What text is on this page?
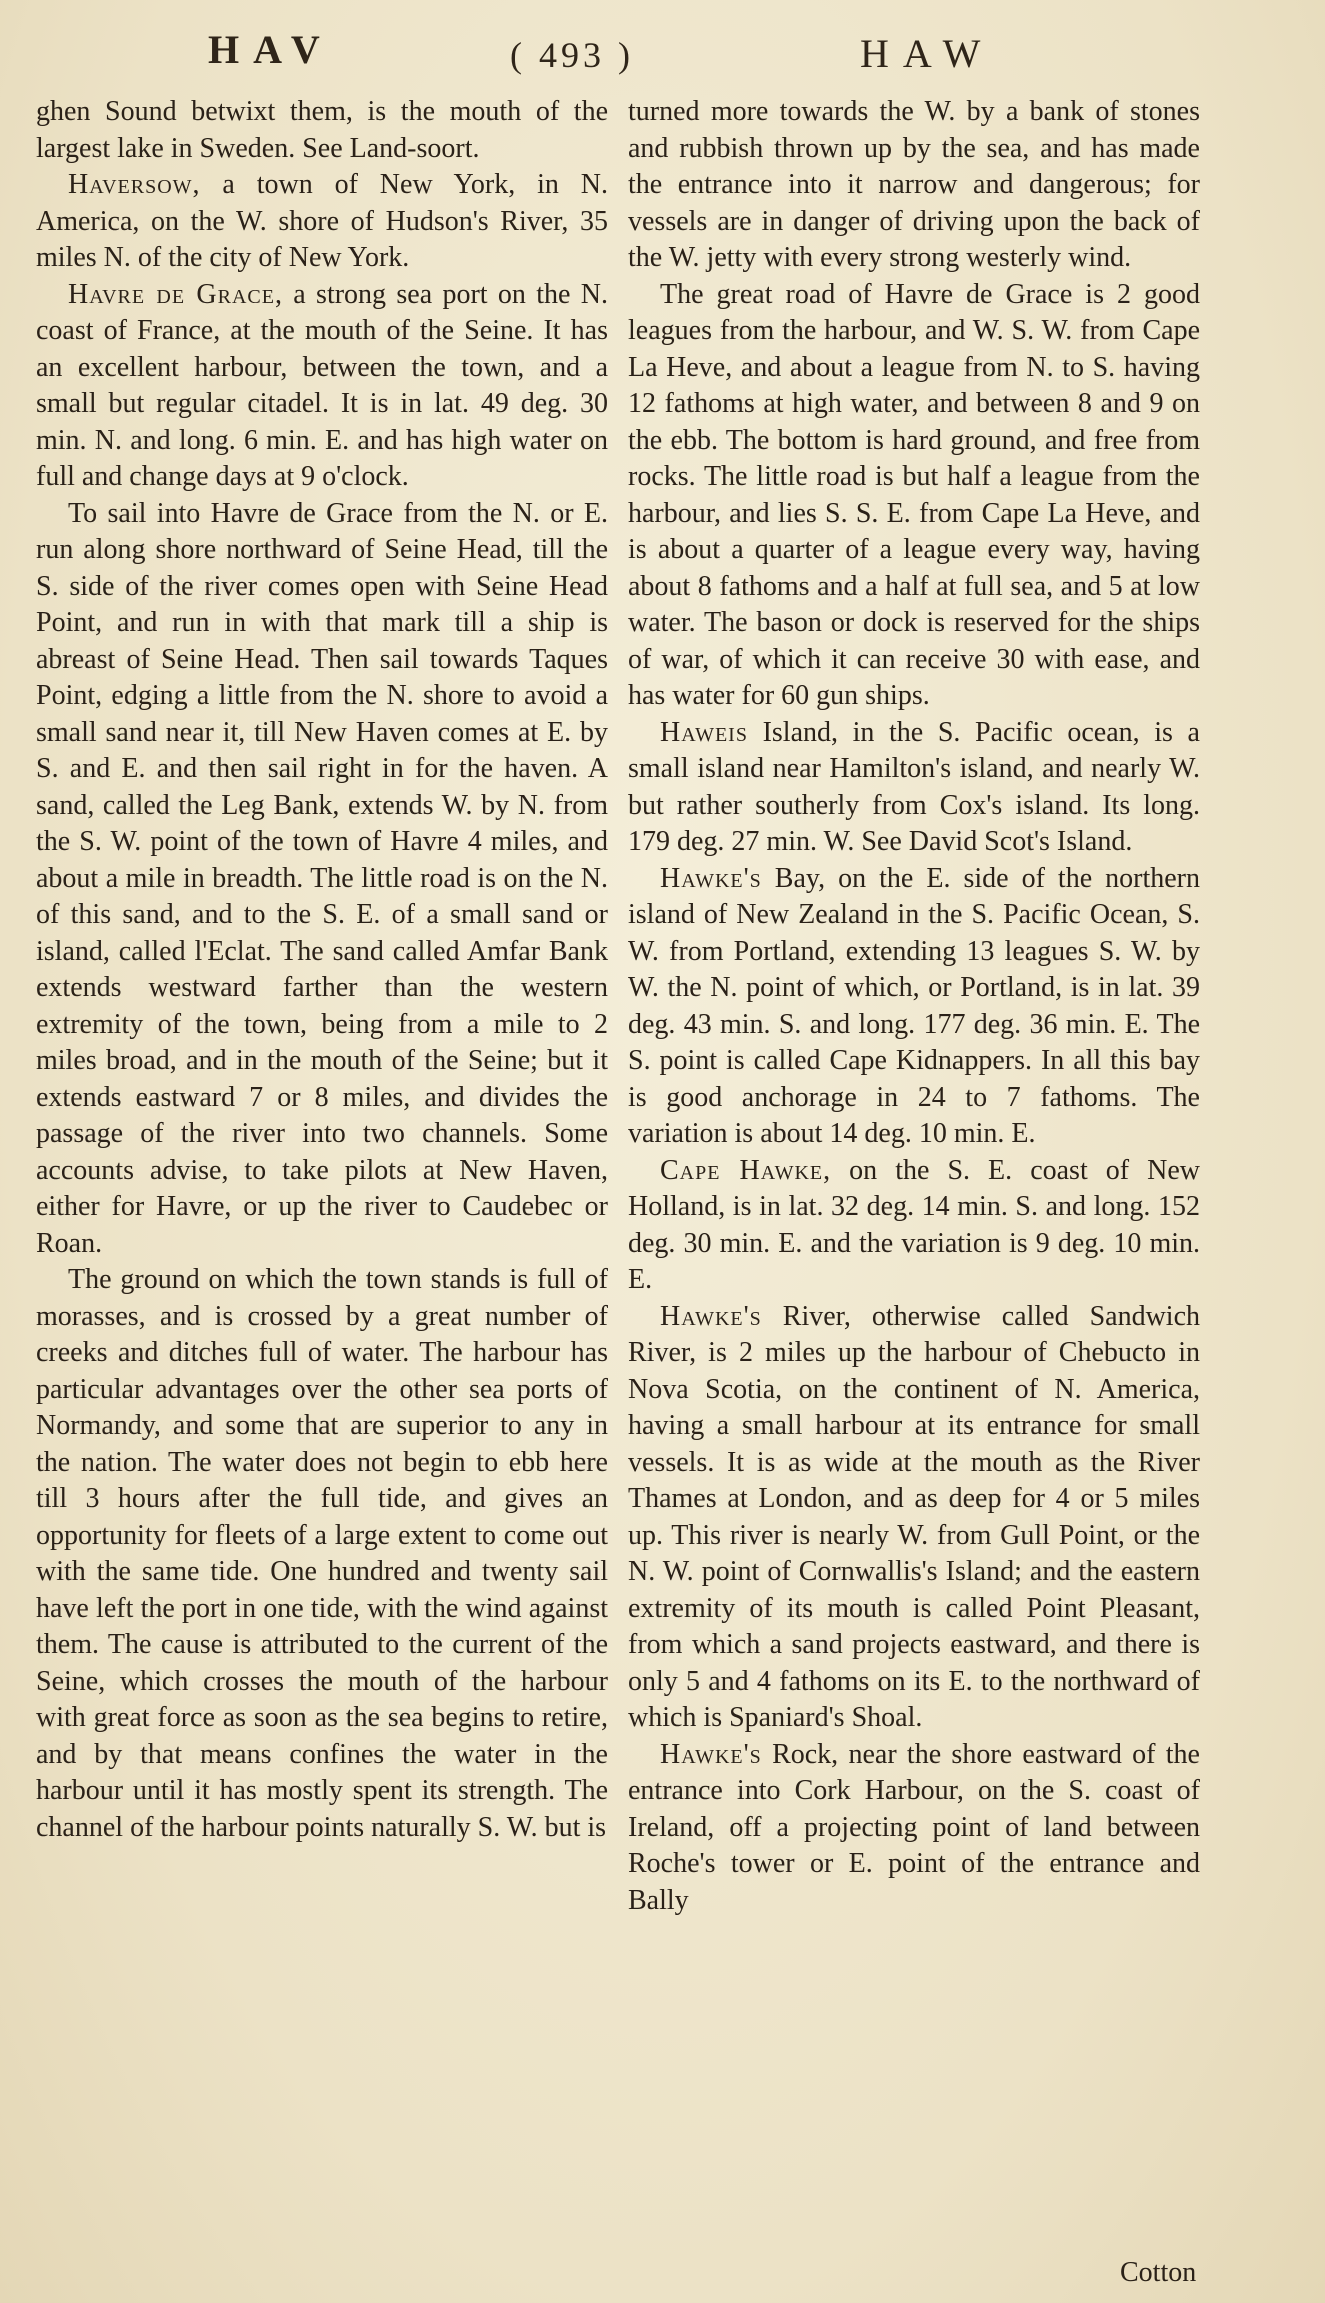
HAV	( 493 )	HAW

ghen Sound betwixt them, is the mouth of the largest lake in Sweden. See Land-soort.

Haversow, a town of New York, in N. America, on the W. shore of Hudson's River, 35 miles N. of the city of New York.

Havre de Grace, a strong sea port on the N. coast of France, at the mouth of the Seine. It has an excellent harbour, between the town, and a small but regular citadel. It is in lat. 49 deg. 30 min. N. and long. 6 min. E. and has high water on full and change days at 9 o'clock.

To sail into Havre de Grace from the N. or E. run along shore northward of Seine Head, till the S. side of the river comes open with Seine Head Point, and run in with that mark till a ship is abreast of Seine Head. Then sail towards Taques Point, edging a little from the N. shore to avoid a small sand near it, till New Haven comes at E. by S. and E. and then sail right in for the haven. A sand, called the Leg Bank, extends W. by N. from the S. W. point of the town of Havre 4 miles, and about a mile in breadth. The little road is on the N. of this sand, and to the S. E. of a small sand or island, called l'Eclat. The sand called Amfar Bank extends westward farther than the western extremity of the town, being from a mile to 2 miles broad, and in the mouth of the Seine; but it extends eastward 7 or 8 miles, and divides the passage of the river into two channels. Some accounts advise, to take pilots at New Haven, either for Havre, or up the river to Caudebec or Roan.

The ground on which the town stands is full of morasses, and is crossed by a great number of creeks and ditches full of water. The harbour has particular advantages over the other sea ports of Normandy, and some that are superior to any in the nation. The water does not begin to ebb here till 3 hours after the full tide, and gives an opportunity for fleets of a large extent to come out with the same tide. One hundred and twenty sail have left the port in one tide, with the wind against them. The cause is attributed to the current of the Seine, which crosses the mouth of the harbour with great force as soon as the sea begins to retire, and by that means confines the water in the harbour until it has mostly spent its strength. The channel of the harbour points naturally S. W. but is

turned more towards the W. by a bank of stones and rubbish thrown up by the sea, and has made the entrance into it narrow and dangerous; for vessels are in danger of driving upon the back of the W. jetty with every strong westerly wind.

The great road of Havre de Grace is 2 good leagues from the harbour, and W. S. W. from Cape La Heve, and about a league from N. to S. having 12 fathoms at high water, and between 8 and 9 on the ebb. The bottom is hard ground, and free from rocks. The little road is but half a league from the harbour, and lies S. S. E. from Cape La Heve, and is about a quarter of a league every way, having about 8 fathoms and a half at full sea, and 5 at low water. The bason or dock is reserved for the ships of war, of which it can receive 30 with ease, and has water for 60 gun ships.

Haweis Island, in the S. Pacific ocean, is a small island near Hamilton's island, and nearly W. but rather southerly from Cox's island. Its long. 179 deg. 27 min. W. See David Scot's Island.

Hawke's Bay, on the E. side of the northern island of New Zealand in the S. Pacific Ocean, S. W. from Portland, extending 13 leagues S. W. by W. the N. point of which, or Portland, is in lat. 39 deg. 43 min. S. and long. 177 deg. 36 min. E. The S. point is called Cape Kidnappers. In all this bay is good anchorage in 24 to 7 fathoms. The variation is about 14 deg. 10 min. E.

Cape Hawke, on the S. E. coast of New Holland, is in lat. 32 deg. 14 min. S. and long. 152 deg. 30 min. E. and the variation is 9 deg. 10 min. E.

Hawke's River, otherwise called Sandwich River, is 2 miles up the harbour of Chebucto in Nova Scotia, on the continent of N. America, having a small harbour at its entrance for small vessels. It is as wide at the mouth as the River Thames at London, and as deep for 4 or 5 miles up. This river is nearly W. from Gull Point, or the N. W. point of Cornwallis's Island; and the eastern extremity of its mouth is called Point Pleasant, from which a sand projects eastward, and there is only 5 and 4 fathoms on its E. to the northward of which is Spaniard's Shoal.

Hawke's Rock, near the shore eastward of the entrance into Cork Harbour, on the S. coast of Ireland, off a projecting point of land between Roche's tower or E. point of the entrance and Bally

Cotton
